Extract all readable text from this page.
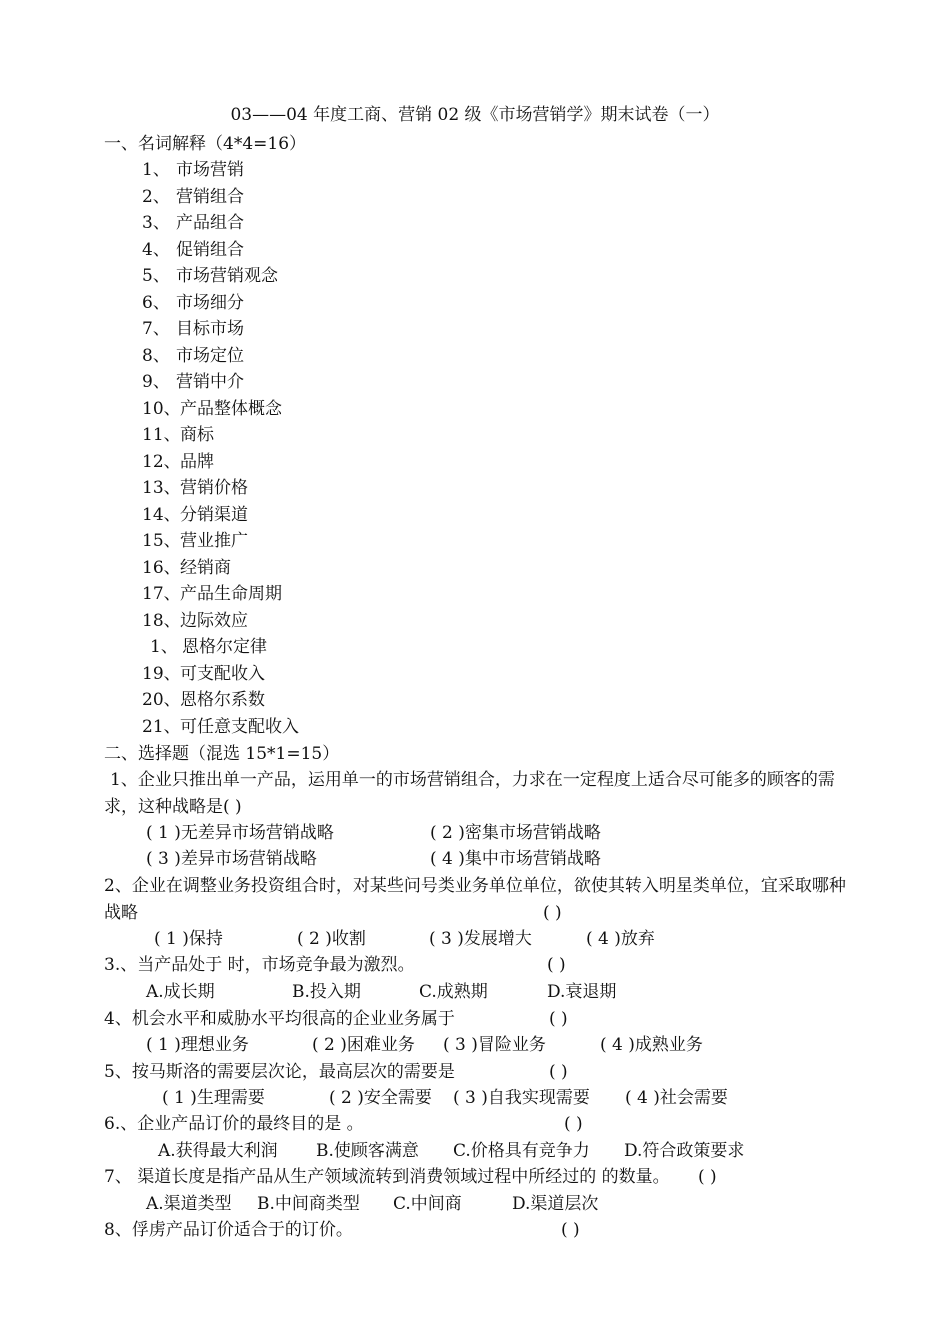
03——04 年度工商、营销 02 级《市场营销学》期末试卷（一）
一、名词解释（4*4=16）
1、 市场营销
2、 营销组合
3、 产品组合
4、 促销组合
5、 市场营销观念
6、 市场细分
7、 目标市场
8、 市场定位
9、 营销中介
10、产品整体概念
11、商标
12、品牌
13、营销价格
14、分销渠道
15、营业推广
16、经销商
17、产品生命周期
18、边际效应
1、 恩格尔定律
19、可支配收入
20、恩格尔系数
21、可任意支配收入
二、选择题（混选 15*1=15）
1、企业只推出单一产品，运用单一的市场营销组合，力求在一定程度上适合尽可能多的顾客的需
求，这种战略是( )
( 1 )无差异市场营销战略	( 2 )密集市场营销战略
( 3 )差异市场营销战略	( 4 )集中市场营销战略
2、企业在调整业务投资组合时，对某些问号类业务单位单位，欲使其转入明星类单位，宜采取哪种
战略	( )
( 1 )保持	( 2 )收割	( 3 )发展增大	( 4 )放弃
3.、当产品处于 时，市场竞争最为激烈。	( )
A.成长期	B.投入期	C.成熟期	D.衰退期
4、机会水平和威胁水平均很高的企业业务属于	( )
( 1 )理想业务	( 2 )困难业务 ( 3 )冒险业务	( 4 )成熟业务
5、按马斯洛的需要层次论，最高层次的需要是	( )
( 1 )生理需要	( 2 )安全需要 ( 3 )自我实现需要 ( 4 )社会需要
6.、企业产品订价的最终目的是 。	( )
A.获得最大利润 B.使顾客满意 C.价格具有竞争力 D.符合政策要求
7、 渠道长度是指产品从生产领域流转到消费领域过程中所经过的 的数量。 ( )
A.渠道类型 B.中间商类型 C.中间商	D.渠道层次
8、俘虏产品订价适合于的订价。	( )
